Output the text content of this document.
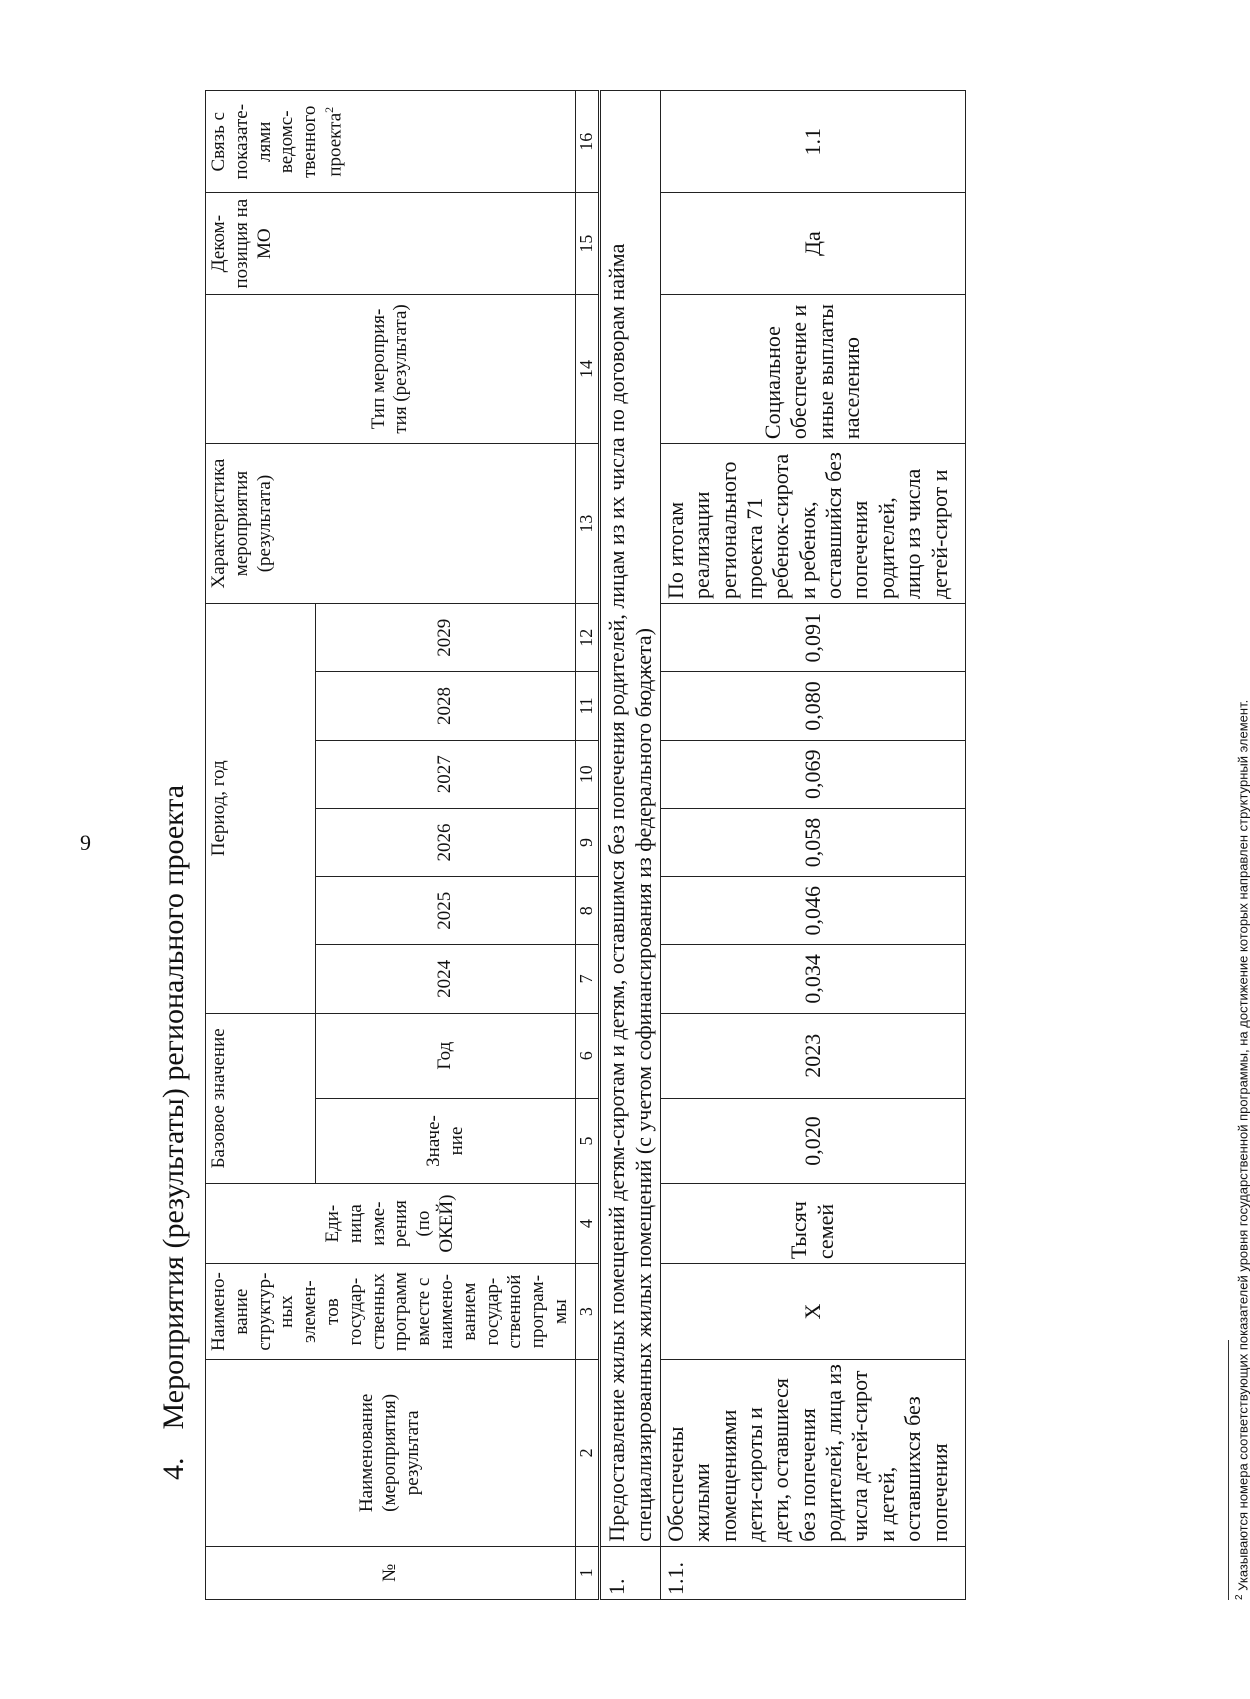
9
4.Мероприятия (результаты) регионального проекта
№	Наименование (мероприятия) результата	Наимено-вание структур-ных элемен-тов государ-ственных программ вместе с наимено-ванием государ-ственной програм-мы	Еди-ница изме-рения (по ОКЕЙ)	Базовое значение		Период, год						Характеристика мероприятия (результата)	Тип мероприя-тия (результата)	Деком-позиция на МО	Связь с показате-лями ведомс-твенного проекта$^2$
				Значе-ние	Год	2024	2025	2026	2027	2028	2029				
1	2	3	4	5	6	7	8	9	10	11	12	13	14	15	16
1.	Предоставление жилых помещений детям-сиротам и детям, оставшимся без попечения родителей, лицам из их числа по договорам найма специализированных жилых помещений (с учетом софинансирования из федерального бюджета)														
1.1.	Обеспечены жилыми помещениями дети-сироты и дети, оставшиеся без попечения родителей, лица из числа детей-сирот и детей, оставшихся без попечения	X	Тысяч семей	0,020	2023	0,034	0,046	0,058	0,069	0,080	0,091	По итогам реализации регионального проекта 71 ребенок-сирота и ребенок, оставшийся без попечения родителей, лицо из числа детей-сирот и	Социальное обеспечение и иные выплаты населению	Да	1.1
$^2$ Указываются номера соответствующих показателей уровня государственной программы, на достижение которых направлен структурный элемент.
